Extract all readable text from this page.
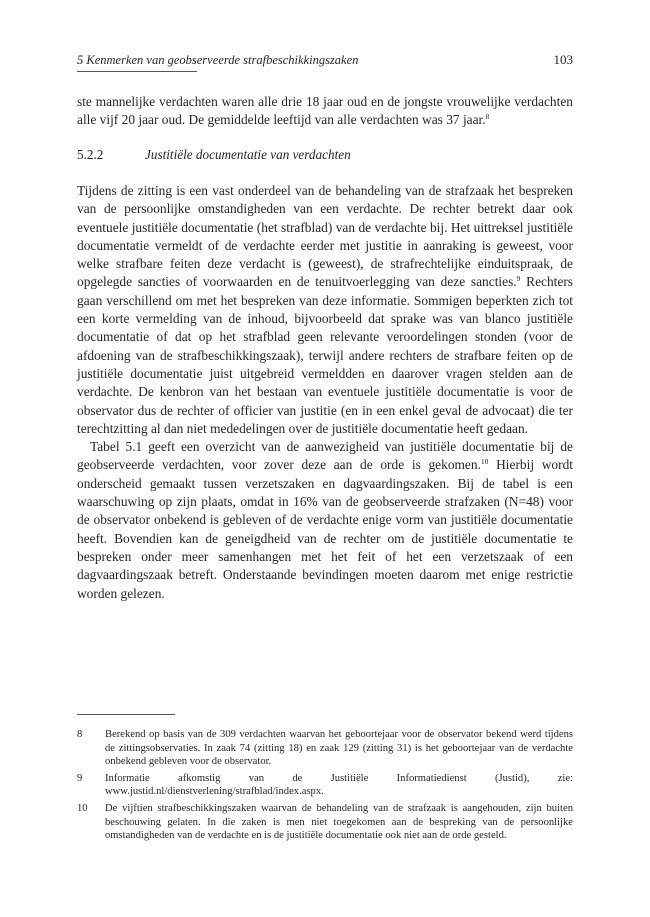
5 Kenmerken van geobserveerde strafbeschikkingszaken	103

ste mannelijke verdachten waren alle drie 18 jaar oud en de jongste vrouwelijke verdachten alle vijf 20 jaar oud. De gemiddelde leeftijd van alle verdachten was 37 jaar.$^8$

5.2.2	Justitiële documentatie van verdachten

Tijdens de zitting is een vast onderdeel van de behandeling van de strafzaak het bespreken van de persoonlijke omstandigheden van een verdachte. De rechter betrekt daar ook eventuele justitiële documentatie (het strafblad) van de verdachte bij. Het uittreksel justitiële documentatie vermeldt of de verdachte eerder met justitie in aanraking is geweest, voor welke strafbare feiten deze verdacht is (geweest), de strafrechtelijke einduitspraak, de opgelegde sancties of voorwaarden en de tenuitvoerlegging van deze sancties.$^9$ Rechters gaan verschillend om met het bespreken van deze informatie. Sommigen beperkten zich tot een korte vermelding van de inhoud, bijvoorbeeld dat sprake was van blanco justitiële documentatie of dat op het strafblad geen relevante veroordelingen stonden (voor de afdoening van de strafbeschikkingszaak), terwijl andere rechters de strafbare feiten op de justitiële documentatie juist uitgebreid vermeldden en daarover vragen stelden aan de verdachte. De kenbron van het bestaan van eventuele justitiële documentatie is voor de observator dus de rechter of officier van justitie (en in een enkel geval de advocaat) die ter terechtzitting al dan niet mededelingen over de justitiële documentatie heeft gedaan.

Tabel 5.1 geeft een overzicht van de aanwezigheid van justitiële documentatie bij de geobserveerde verdachten, voor zover deze aan de orde is gekomen.$^{10}$ Hierbij wordt onderscheid gemaakt tussen verzetszaken en dagvaardingszaken. Bij de tabel is een waarschuwing op zijn plaats, omdat in 16% van de geobserveerde strafzaken (N=48) voor de observator onbekend is gebleven of de verdachte enige vorm van justitiële documentatie heeft. Bovendien kan de geneigdheid van de rechter om de justitiële documentatie te bespreken onder meer samenhangen met het feit of het een verzetszaak of een dagvaardingszaak betreft. Onderstaande bevindingen moeten daarom met enige restrictie worden gelezen.

8	Berekend op basis van de 309 verdachten waarvan het geboortejaar voor de observator bekend werd tijdens de zittingsobservaties. In zaak 74 (zitting 18) en zaak 129 (zitting 31) is het geboortejaar van de verdachte onbekend gebleven voor de observator.
9	Informatie afkomstig van de Justitiële Informatiedienst (Justid), zie: www.justid.nl/dienstverlening/strafblad/index.aspx.
10	De vijftien strafbeschikkingszaken waarvan de behandeling van de strafzaak is aangehouden, zijn buiten beschouwing gelaten. In die zaken is men niet toegekomen aan de bespreking van de persoonlijke omstandigheden van de verdachte en is de justitiële documentatie ook niet aan de orde gesteld.
